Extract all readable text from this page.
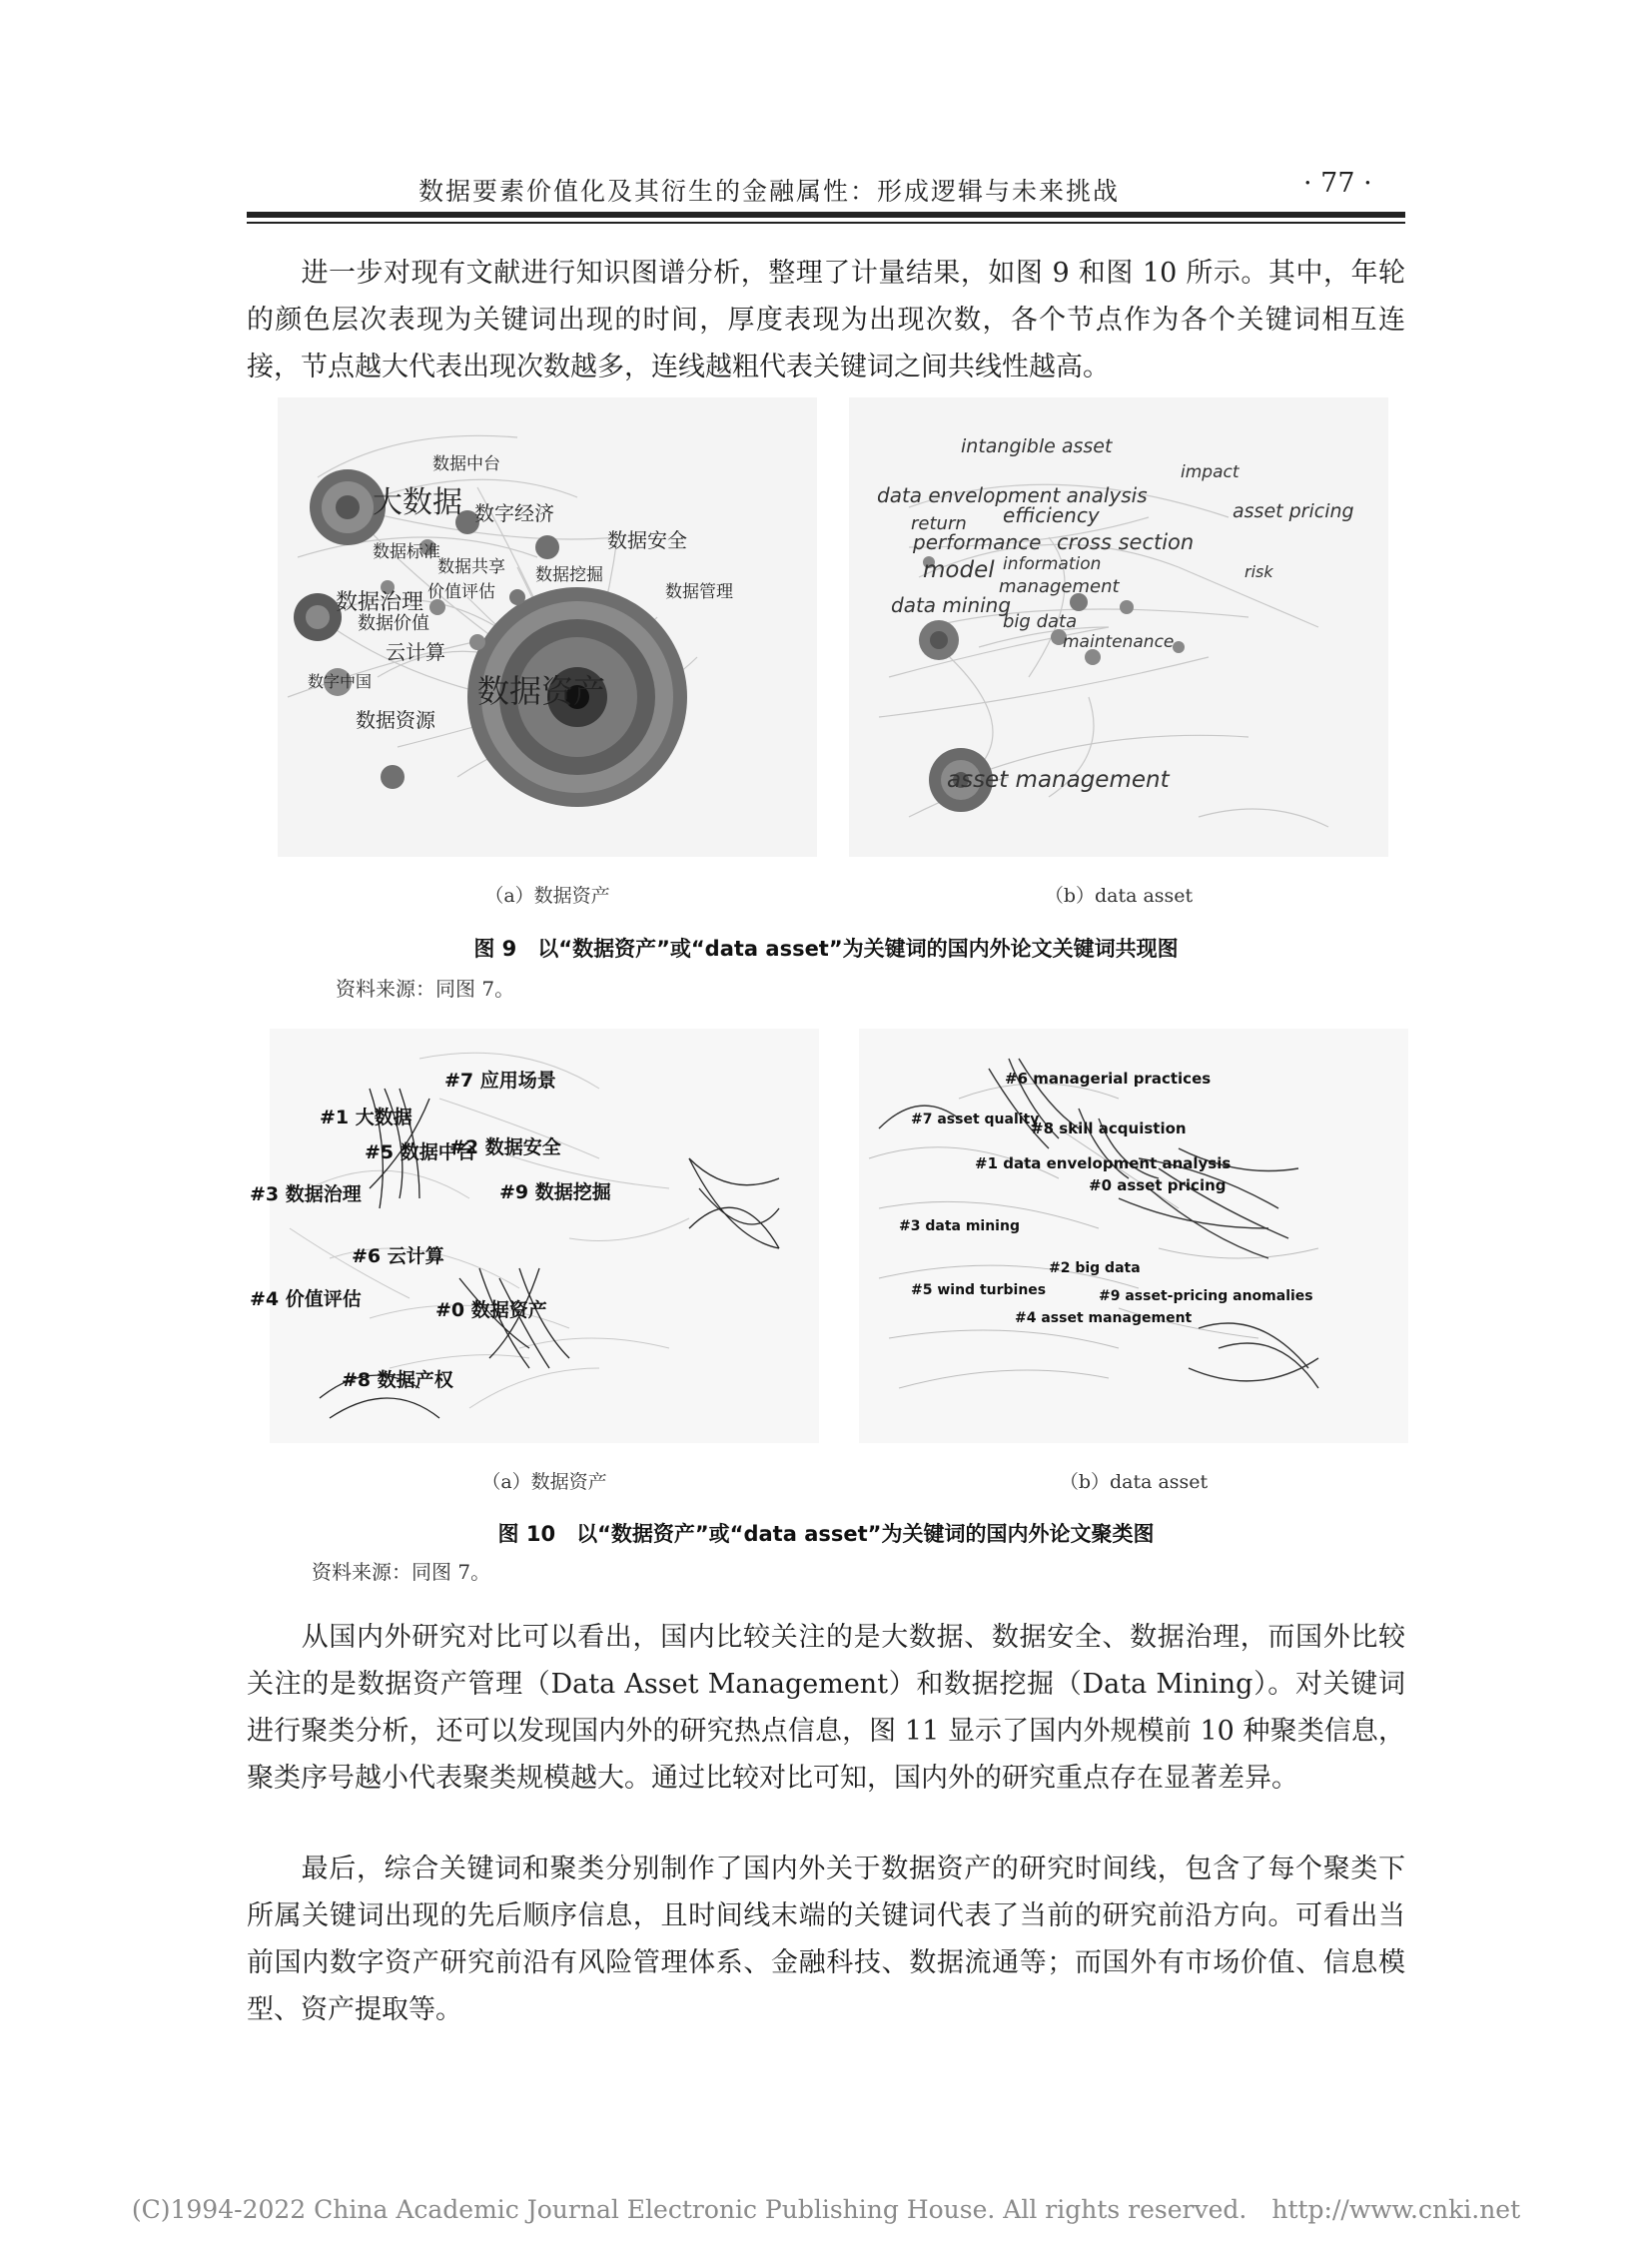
数据要素价值化及其衍生的金融属性：形成逻辑与未来挑战	· 77 ·
进一步对现有文献进行知识图谱分析，整理了计量结果，如图 9 和图 10 所示。其中，年轮的颜色层次表现为关键词出现的时间，厚度表现为出现次数，各个节点作为各个关键词相互连接，节点越大代表出现次数越多，连线越粗代表关键词之间共线性越高。
数据中台
大数据 数字经济
数据安全
数据标准
数据共享 数据挖掘
数据治理 价值评估	数据管理
数据价值
云计算
数字中国	数据资产
数据资源
intangible asset
impact
data envelopment analysis
efficiency	asset pricing
return
performance cross section
model information	risk
management
data mining
big data
maintenance
asset management
（a）数据资产	（b）data asset
图 9　以“数据资产”或“data asset”为关键词的国内外论文关键词共现图
资料来源：同图 7。
#7 应用场景
#1 大数据
#5 数据中台
#2 数据安全
#3 数据治理	#9 数据挖掘
#6 云计算
#4 价值评估	#0 数据资产
#8 数据产权
#6 managerial practices
#7 asset quality
#8 skill acquistion
#1 data envelopment analysis
#0 asset pricing
#3 data mining
#2 big data
#5 wind turbines	#9 asset-pricing anomalies
#4 asset management
（a）数据资产	（b）data asset
图 10　以“数据资产”或“data asset”为关键词的国内外论文聚类图
资料来源：同图 7。
从国内外研究对比可以看出，国内比较关注的是大数据、数据安全、数据治理，而国外比较关注的是数据资产管理（Data Asset Management）和数据挖掘（Data Mining）。对关键词进行聚类分析，还可以发现国内外的研究热点信息，图 11 显示了国内外规模前 10 种聚类信息，聚类序号越小代表聚类规模越大。通过比较对比可知，国内外的研究重点存在显著差异。
最后，综合关键词和聚类分别制作了国内外关于数据资产的研究时间线，包含了每个聚类下所属关键词出现的先后顺序信息，且时间线末端的关键词代表了当前的研究前沿方向。可看出当前国内数字资产研究前沿有风险管理体系、金融科技、数据流通等；而国外有市场价值、信息模型、资产提取等。
(C)1994-2022 China Academic Journal Electronic Publishing House. All rights reserved.　http://www.cnki.net
